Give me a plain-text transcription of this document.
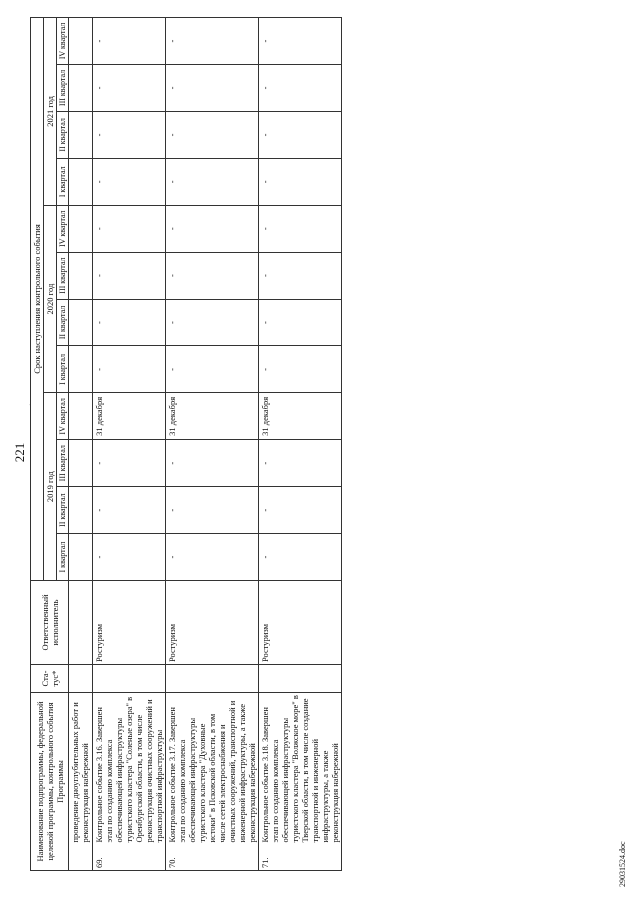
221
.
Наименование подпрограммы, федеральной целевой программы, контрольного события Программы		Ста-тус*	Ответственный исполнитель	Срок наступления контрольного события											
				2019 год				2020 год				2021 год			
				I квартал	II квартал	III квартал	IV квартал	I квартал	II квартал	III квартал	IV квартал	I квартал	II квартал	III квартал	IV квартал
	проведение дноуглубительных работ и реконструкция набережной														
69.	Контрольное событие 3.16. Завершен этап по созданию комплекса обеспечивающей инфраструктуры туристского кластера "Соленые озера" в Оренбургской области, в том числе реконструкция очистных сооружений и транспортной инфраструктуры		Ростуризм	-	-	-	31 декабря	-	-	-	-	-	-	-	-
70.	Контрольное событие 3.17. Завершен этап по созданию комплекса обеспечивающей инфраструктуры туристского кластера "Духовные истоки" в Псковской области, в том числе сетей электроснабжения и очистных сооружений, транспортной и инженерной инфраструктуры, а также реконструкция набережной		Ростуризм	-	-	-	31 декабря	-	-	-	-	-	-	-	-
71.	Контрольное событие 3.18. Завершен этап по созданию комплекса обеспечивающей инфраструктуры туристского кластера "Волжское море" в Тверской области, в том числе создание транспортной и инженерной инфраструктуры, а также реконструкция набережной		Ростуризм	-	-	-	31 декабря	-	-	-	-	-	-	-	-
29031524.doc
